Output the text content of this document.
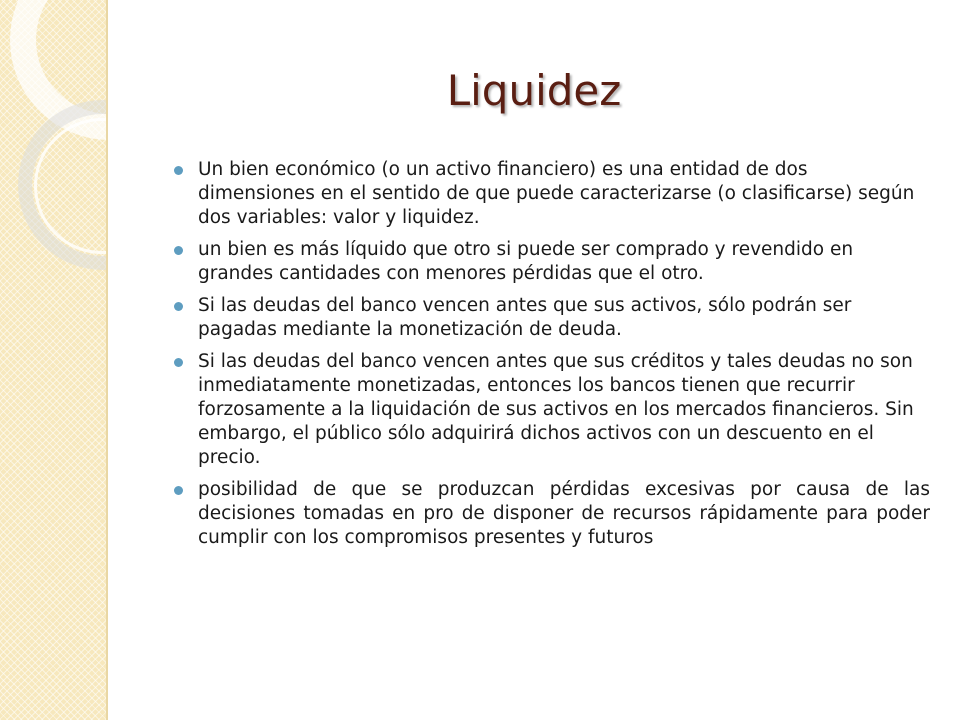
Liquidez
Un bien económico (o un activo financiero) es una entidad de dos dimensiones en el sentido de que puede caracterizarse (o clasificarse) según dos variables: valor y liquidez.
un bien es más líquido que otro si puede ser comprado y revendido en grandes cantidades con menores pérdidas que el otro.
Si las deudas del banco vencen antes que sus activos, sólo podrán ser pagadas mediante la monetización de deuda.
Si las deudas del banco vencen antes que sus créditos y tales deudas no son inmediatamente monetizadas, entonces los bancos tienen que recurrir forzosamente a la liquidación de sus activos en los mercados financieros. Sin embargo, el público sólo adquirirá dichos activos con un descuento en el precio.
posibilidad de que se produzcan pérdidas excesivas por causa de las decisiones tomadas en pro de disponer de recursos rápidamente para poder cumplir con los compromisos presentes y futuros
